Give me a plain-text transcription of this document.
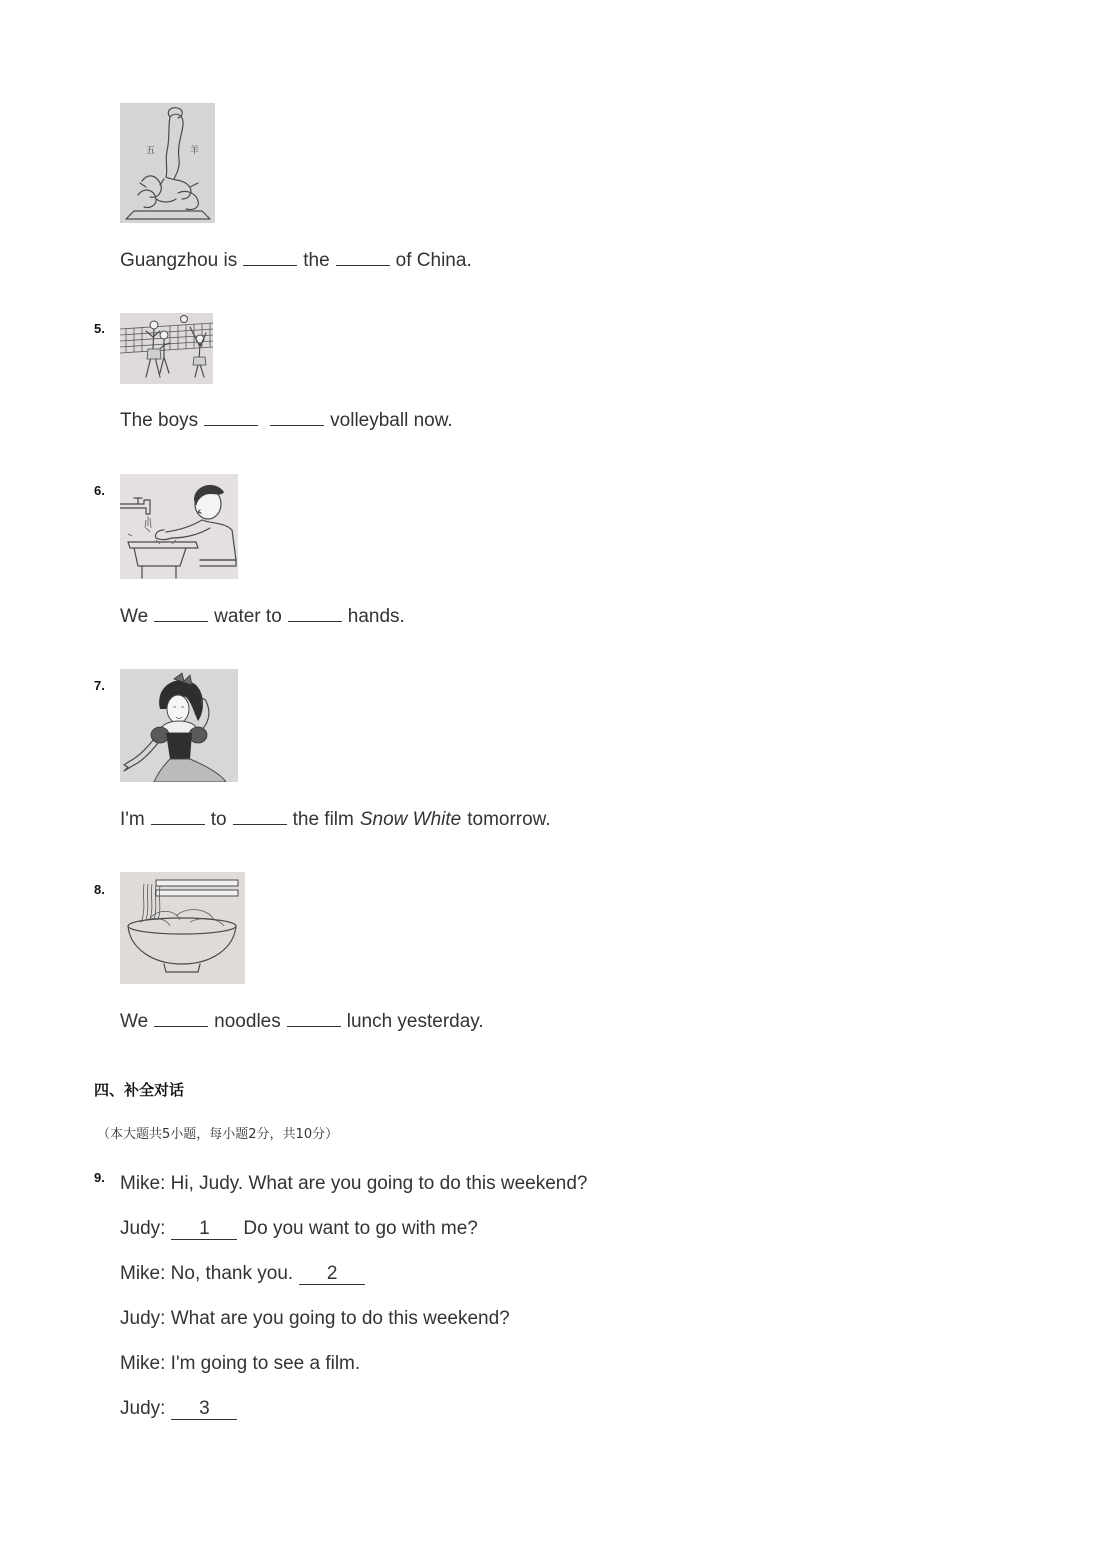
五	羊
Guangzhou is	the	of China.
5.
The boys	volleyball now.
6.
We	water to	hands.
7.
I'm	to	the film Snow White tomorrow.
8.
We	noodles	lunch yesterday.
四、补全对话
（本大题共5小题，每小题2分，共10分）
9. Mike: Hi, Judy. What are you going to do this weekend?
Judy:	1	Do you want to go with me?
Mike: No, thank you.	2
Judy: What are you going to do this weekend?
Mike: I'm going to see a film.
Judy:	3
